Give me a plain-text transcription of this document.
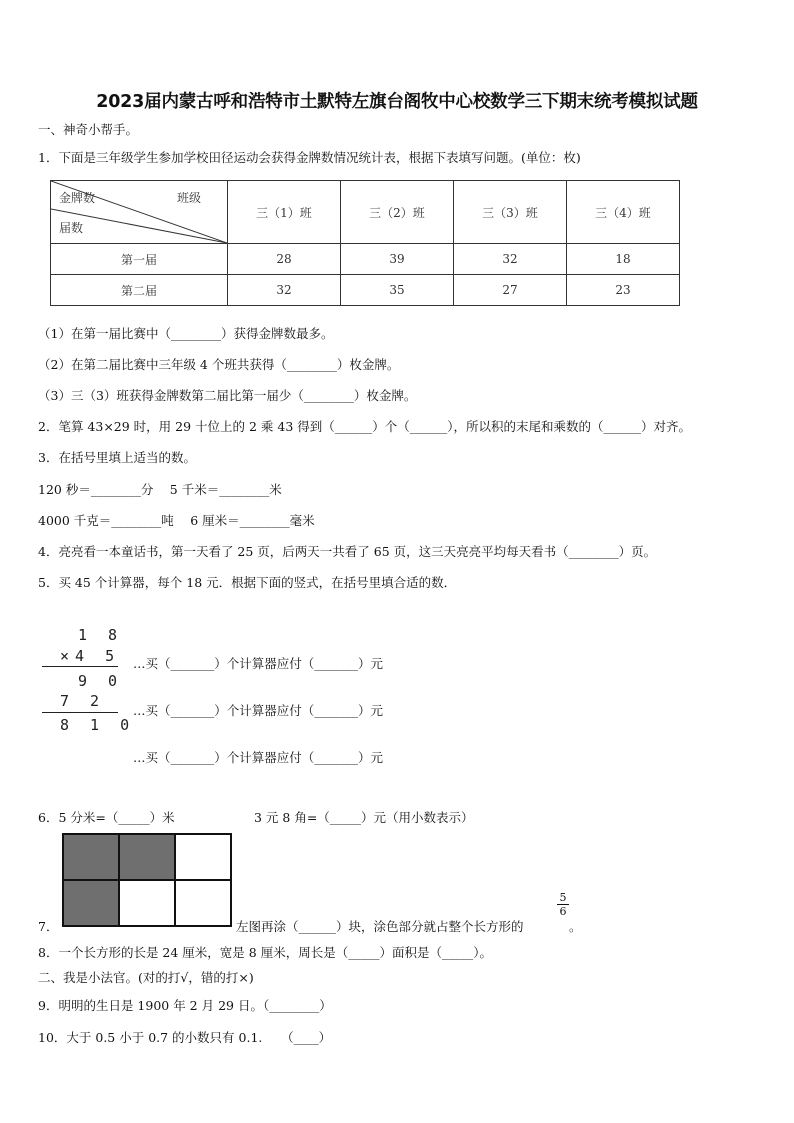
2023届内蒙古呼和浩特市土默特左旗台阁牧中心校数学三下期末统考模拟试题
一、神奇小帮手。
1．下面是三年级学生参加学校田径运动会获得金牌数情况统计表，根据下表填写问题。(单位：枚)
班级
金牌数
届数	三（1）班	三（2）班	三（3）班	三（4）班
第一届	28	39	32	18
第二届	32	35	27	23
（1）在第一届比赛中（________）获得金牌数最多。
（2）在第二届比赛中三年级 4 个班共获得（________）枚金牌。
（3）三（3）班获得金牌数第二届比第一届少（________）枚金牌。
2．笔算 43×29 时，用 29 十位上的 2 乘 43 得到（______）个（______），所以积的末尾和乘数的（______）对齐。
3．在括号里填上适当的数。
120 秒＝________分　 5 千米＝________米
4000 千克＝________吨　 6 厘米＝________毫米
4．亮亮看一本童话书，第一天看了 25 页，后两天一共看了 65 页，这三天亮亮平均每天看书（________）页。
5．买 45 个计算器，每个 18 元．根据下面的竖式，在括号里填合适的数．
1 8
×4 5
9 0
7 2
8 1 0
…买（_______）个计算器应付（_______）元
…买（_______）个计算器应付（_______）元
…买（_______）个计算器应付（_______）元
6．5 分米=（_____）米	3 元 8 角=（_____）元（用小数表示）
7．	左图再涂（______）块，涂色部分就占整个长方形的
$\frac{5}{6}$
。
8．一个长方形的长是 24 厘米，宽是 8 厘米，周长是（_____）面积是（_____）。
二、我是小法官。(对的打√，错的打×)
9．明明的生日是 1900 年 2 月 29 日。（________）
10．大于 0.5 小于 0.7 的小数只有 0.1.　　（____）
